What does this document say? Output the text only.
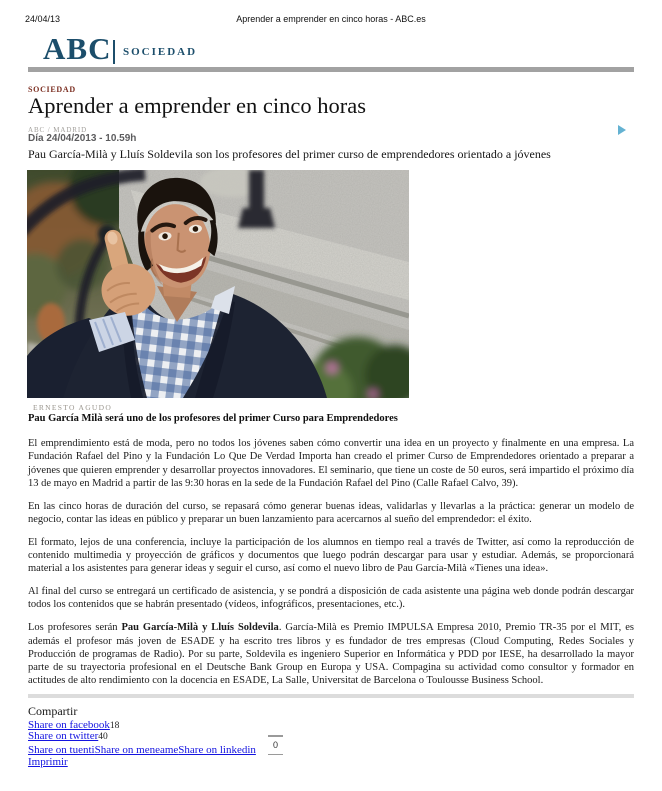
24/04/13	Aprender a emprender en cinco horas - ABC.es
ABC SOCIEDAD
SOCIEDAD
Aprender a emprender en cinco horas
ABC / MADRID
Día 24/04/2013 - 10.59h

Pau García-Milà y Lluís Soldevila son los profesores del primer curso de emprendedores orientado a jóvenes

ERNESTO AGUDO
Pau García Milà será uno de los profesores del primer Curso para Emprendedores

El emprendimiento está de moda, pero no todos los jóvenes saben cómo convertir una idea en un proyecto y finalmente en una empresa. La Fundación Rafael del Pino y la Fundación Lo Que De Verdad Importa han creado el primer Curso de Emprendedores orientado a preparar a jóvenes que quieren emprender y desarrollar proyectos innovadores. El seminario, que tiene un coste de 50 euros, será impartido el próximo día 13 de mayo en Madrid a partir de las 9:30 horas en la sede de la Fundación Rafael del Pino (Calle Rafael Calvo, 39).

En las cinco horas de duración del curso, se repasará cómo generar buenas ideas, validarlas y llevarlas a la práctica: generar un modelo de negocio, contar las ideas en público y preparar un buen lanzamiento para acercarnos al sueño del emprendedor: el éxito.

El formato, lejos de una conferencia, incluye la participación de los alumnos en tiempo real a través de Twitter, así como la reproducción de contenido multimedia y proyección de gráficos y documentos que luego podrán descargar para usar y estudiar. Además, se proporcionará material a los asistentes para generar ideas y seguir el curso, así como el nuevo libro de Pau García-Milà «Tienes una idea».

Al final del curso se entregará un certificado de asistencia, y se pondrá a disposición de cada asistente una página web donde podrán descargar todos los contenidos que se habrán presentado (vídeos, infográficos, presentaciones, etc.).

Los profesores serán Pau García-Milà y Lluís Soldevila. García-Milà es Premio IMPULSA Empresa 2010, Premio TR-35 por el MIT, es además el profesor más joven de ESADE y ha escrito tres libros y es fundador de tres empresas (Cloud Computing, Redes Sociales y Producción de programas de Radio). Por su parte, Soldevila es ingeniero Superior en Informática y PDD por IESE, ha desarrollado la mayor parte de su trayectoria profesional en el Deutsche Bank Group en Europa y USA. Compagina su actividad como consultor y formador en actitudes de alto rendimiento con la docencia en ESADE, La Salle, Universitat de Barcelona o Toulousse Business School.

Compartir
Share on facebook18
Share on twitter40
Share on tuentiShare on meneameShare on linkedin
Imprimir
0
